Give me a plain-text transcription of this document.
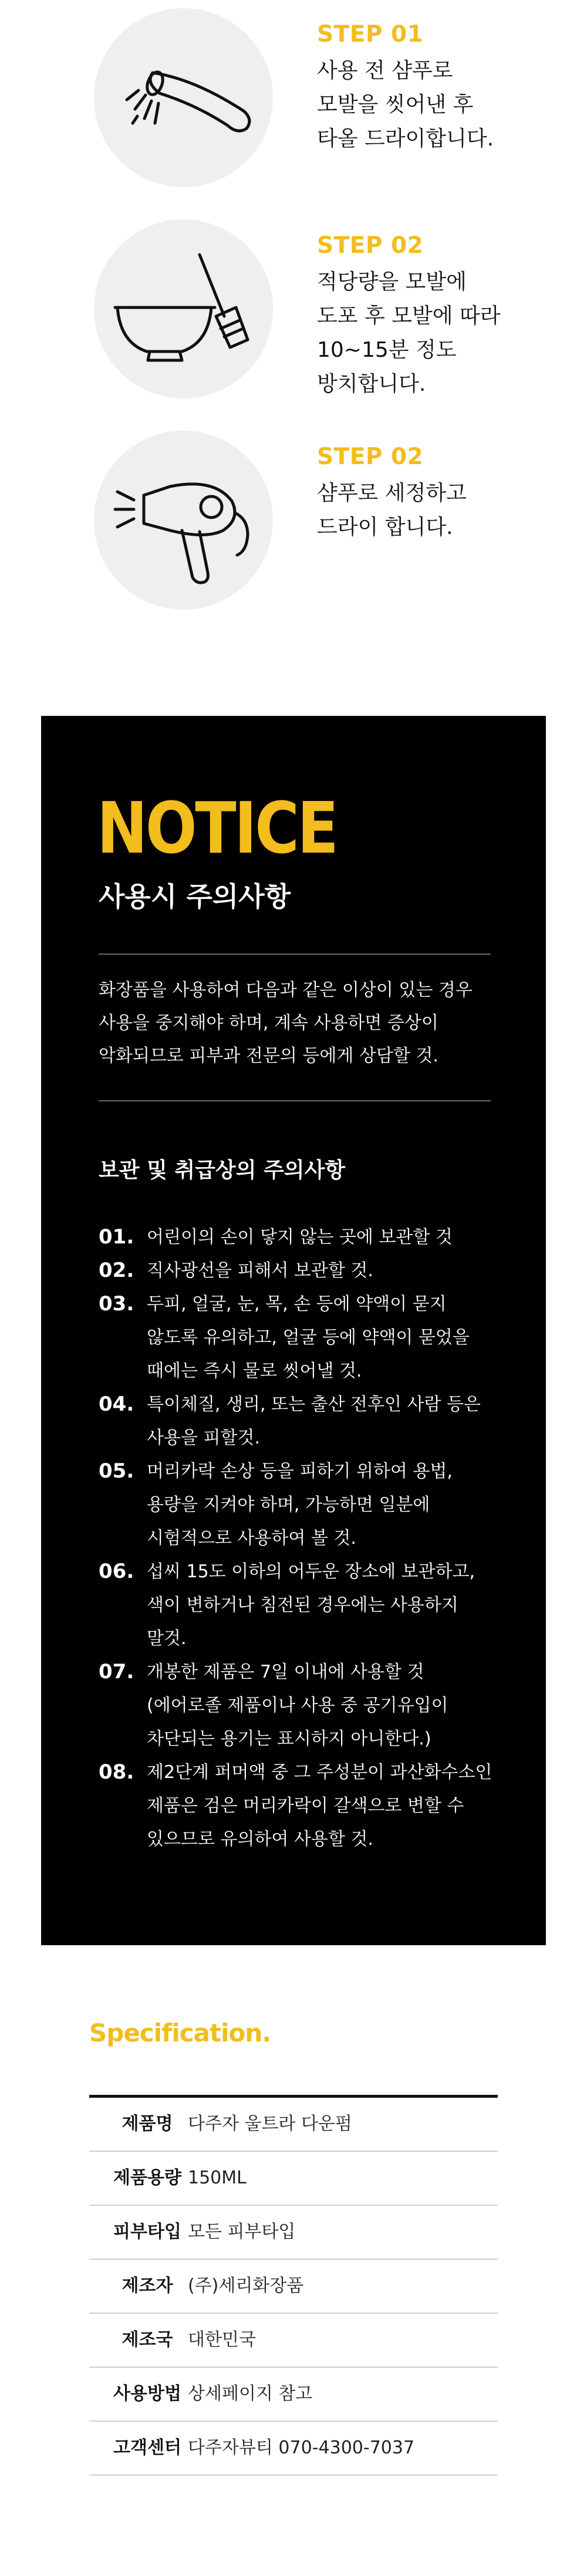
STEP 01
사용 전 샴푸로
모발을 씻어낸 후
타올 드라이합니다.
STEP 02
적당량을 모발에
도포 후 모발에 따라
10~15분 정도
방치합니다.
STEP 02
샴푸로 세정하고
드라이 합니다.
NOTICE
사용시 주의사항
화장품을 사용하여 다음과 같은 이상이 있는 경우
사용을 중지해야 하며, 계속 사용하면 증상이
악화되므로 피부과 전문의 등에게 상담할 것.
보관 및 취급상의 주의사항
01. 어린이의 손이 닿지 않는 곳에 보관할 것
02. 직사광선을 피해서 보관할 것.
03. 두피, 얼굴, 눈, 목, 손 등에 약액이 묻지
않도록 유의하고, 얼굴 등에 약액이 묻었을
때에는 즉시 물로 씻어낼 것.
04. 특이체질, 생리, 또는 출산 전후인 사람 등은
사용을 피할것.
05. 머리카락 손상 등을 피하기 위하여 용법,
용량을 지켜야 하며, 가능하면 일분에
시험적으로 사용하여 볼 것.
06. 섭씨 15도 이하의 어두운 장소에 보관하고,
색이 변하거나 침전된 경우에는 사용하지
말것.
07. 개봉한 제품은 7일 이내에 사용할 것
(에어로졸 제품이나 사용 중 공기유입이
차단되는 용기는 표시하지 아니한다.)
08. 제2단계 퍼머액 중 그 주성분이 과산화수소인
제품은 검은 머리카락이 갈색으로 변할 수
있으므로 유의하여 사용할 것.
Specification.
제품명 다주자 울트라 다운펌
제품용량 150ML
피부타입 모든 피부타입
제조자 (주)세리화장품
제조국 대한민국
사용방법 상세페이지 참고
고객센터 다주자뷰티 070-4300-7037
